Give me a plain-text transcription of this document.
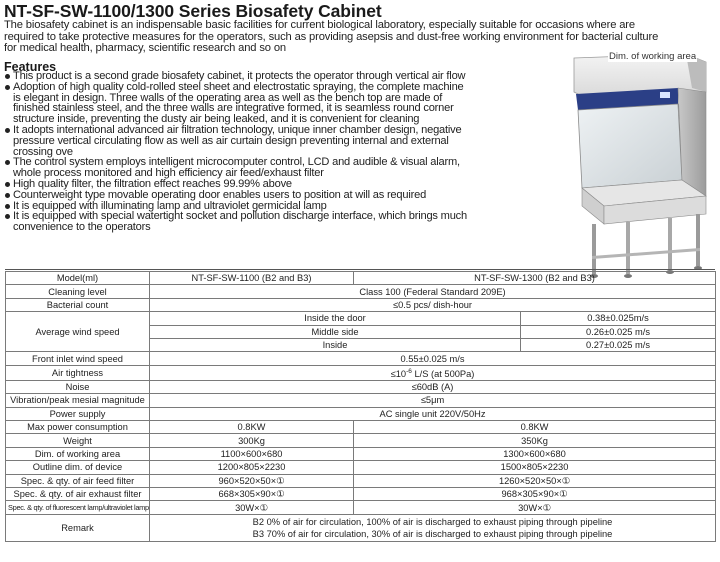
NT-SF-SW-1100/1300 Series Biosafety Cabinet
The biosafety cabinet is an indispensable basic facilities for current biological laboratory, especially suitable for occasions where are
required to take protective measures for the operators, such as providing asepsis and dust-free working environment for bacterial culture
for medical health, pharmacy, scientific research and so on
Features
This product is a second grade biosafety cabinet, it protects the operator through vertical air flow
Adoption of high quality cold-rolled steel sheet and electrostatic spraying, the complete machine
is elegant in design. Three walls of the operating area as well as the bench top are made of
finished stainless steel, and the three walls are integrative formed, it is seamless round corner
structure inside, preventing the dusty air being leaked, and it is convenient for cleaning
It adopts international advanced air filtration technology, unique inner chamber design, negative
pressure vertical circulating flow as well as air curtain design preventing internal and external
crossing ove
The control system employs intelligent microcomputer control, LCD and audible & visual alarm,
whole process monitored and high efficiency air feed/exhaust filter
High quality filter, the filtration effect reaches 99.99% above
Counterweight type movable operating door enables users to position at will as required
It is equipped with illuminating lamp and ultraviolet germicidal lamp
It is equipped with special watertight socket and pollution discharge interface, which brings much
convenience to the operators
Dim. of working area
Model(ml)	NT-SF-SW-1100 (B2 and B3)	NT-SF-SW-1300 (B2 and B3)	
Cleaning level	Class 100 (Federal Standard 209E)		
Bacterial count	≤0.5 pcs/ dish-hour		
Average wind speed	Inside the door		0.38±0.025m/s
	Middle side		0.26±0.025 m/s
	Inside		0.27±0.025 m/s
Front inlet wind speed	0.55±0.025 m/s		
Air tightness	$\le 10^{-6}$ L/S (at 500Pa)		
Noise	≤60dB (A)		
Vibration/peak mesial magnitude	≤5μm		
Power supply	AC single unit 220V/50Hz		
Max power consumption	0.8KW	0.8KW	
Weight	300Kg	350Kg	
Dim. of working area	1100×600×680	1300×600×680	
Outline dim. of device	1200×805×2230	1500×805×2230	
Spec. & qty. of air feed filter	960×520×50×①	1260×520×50×①	
Spec. & qty. of air exhaust filter	668×305×90×①	968×305×90×①	
Spec. & qty. of fluorescent lamp/ultraviolet lamp	30W×①	30W×①	
Remark	B2 0% of air for circulation, 100% of air is discharged to exhaust piping through pipeline
B3 70% of air for circulation, 30% of air is discharged to exhaust piping through pipeline		
